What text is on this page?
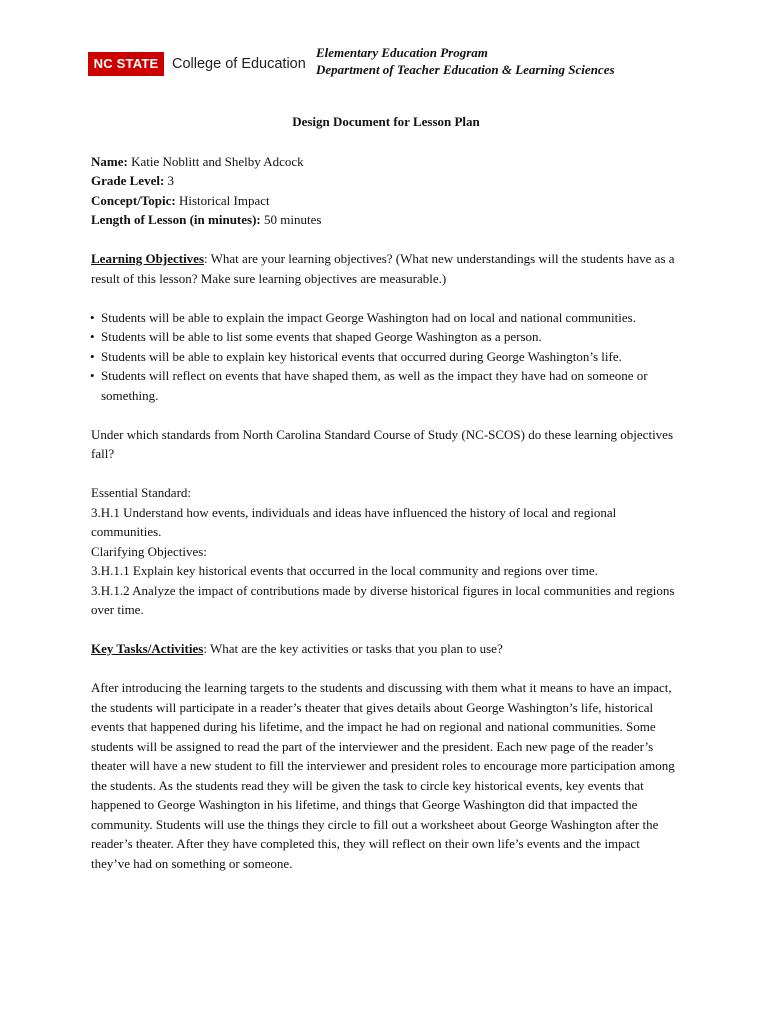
NC STATE College of Education
Elementary Education Program
Department of Teacher Education & Learning Sciences

Design Document for Lesson Plan

Name: Katie Noblitt and Shelby Adcock

Grade Level: 3

Concept/Topic: Historical Impact

Length of Lesson (in minutes): 50 minutes

Learning Objectives: What are your learning objectives? (What new understandings will the students have as a result of this lesson? Make sure learning objectives are measurable.)

• Students will be able to explain the impact George Washington had on local and national communities.
• Students will be able to list some events that shaped George Washington as a person.
• Students will be able to explain key historical events that occurred during George Washington’s life.
• Students will reflect on events that have shaped them, as well as the impact they have had on someone or something.

Under which standards from North Carolina Standard Course of Study (NC-SCOS) do these learning objectives fall?

Essential Standard:

3.H.1 Understand how events, individuals and ideas have influenced the history of local and regional communities.

Clarifying Objectives:

3.H.1.1 Explain key historical events that occurred in the local community and regions over time.

3.H.1.2 Analyze the impact of contributions made by diverse historical figures in local communities and regions over time.

Key Tasks/Activities: What are the key activities or tasks that you plan to use?

After introducing the learning targets to the students and discussing with them what it means to have an impact, the students will participate in a reader’s theater that gives details about George Washington’s life, historical events that happened during his lifetime, and the impact he had on regional and national communities. Some students will be assigned to read the part of the interviewer and the president. Each new page of the reader’s theater will have a new student to fill the interviewer and president roles to encourage more participation among the students. As the students read they will be given the task to circle key historical events, key events that happened to George Washington in his lifetime, and things that George Washington did that impacted the community. Students will use the things they circle to fill out a worksheet about George Washington after the reader’s theater. After they have completed this, they will reflect on their own life’s events and the impact they’ve had on something or someone.
